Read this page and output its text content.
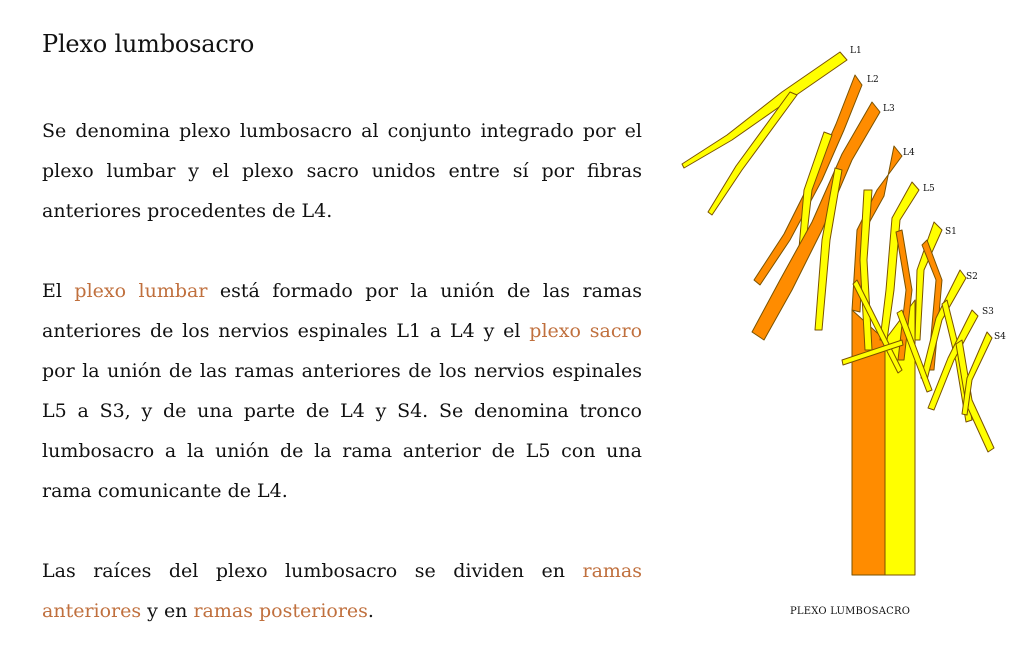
Plexo lumbosacro

Se denomina plexo lumbosacro al conjunto integrado por el plexo lumbar y el plexo sacro unidos entre sí por fibras anteriores procedentes de L4.

El plexo lumbar está formado por la unión de las ramas anteriores de los nervios espinales L1 a L4 y el plexo sacro por la unión de las ramas anteriores de los nervios espinales L5 a S3, y de una parte de L4 y S4. Se denomina tronco lumbosacro a la unión de la rama anterior de L5 con una rama comunicante de L4.

Las raíces del plexo lumbosacro se dividen en ramas anteriores y en ramas posteriores.

L1
L2
L3
L4
L5
S1
S2
S3
S4
PLEXO LUMBOSACRO
